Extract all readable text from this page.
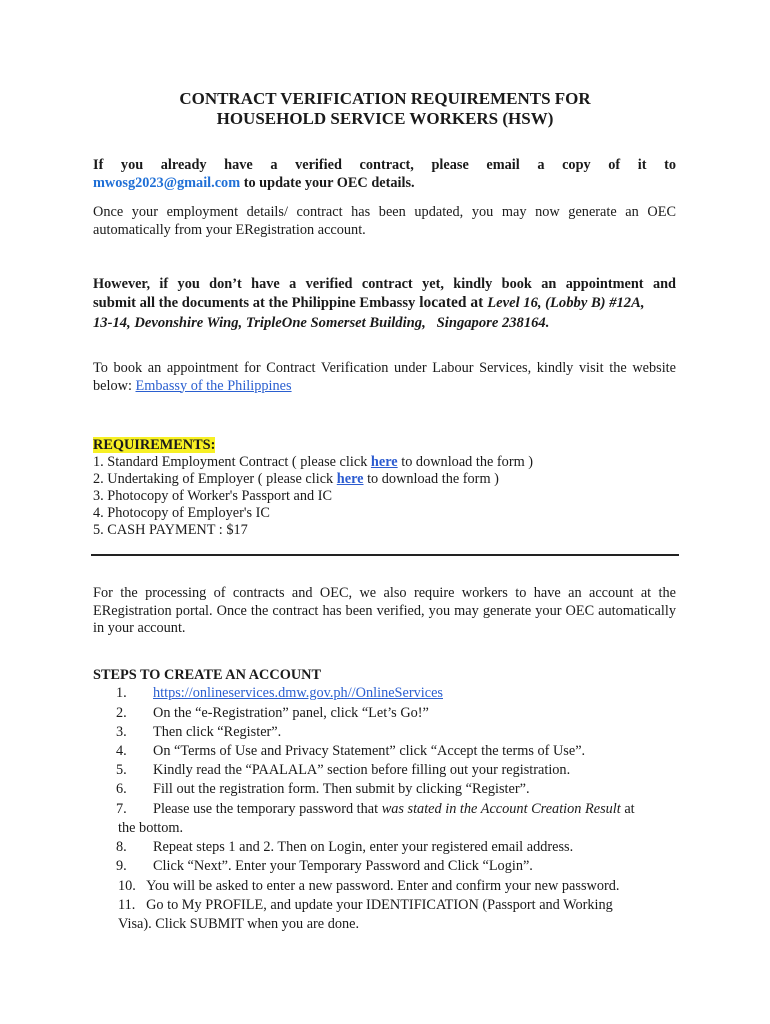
CONTRACT VERIFICATION REQUIREMENTS FOR
HOUSEHOLD SERVICE WORKERS (HSW)
If you already have a verified contract, please email a copy of it to
mwosg2023@gmail.com to update your OEC details.
Once your employment details/ contract has been updated, you may now generate an OEC automatically from your ERegistration account.
However, if you don’t have a verified contract yet, kindly book an appointment and
submit all the documents at the Philippine Embassy located at Level 16, (Lobby B) #12A,
13-14, Devonshire Wing, TripleOne Somerset Building, Singapore 238164.
To book an appointment for Contract Verification under Labour Services, kindly visit the website below: Embassy of the Philippines
REQUIREMENTS:
1. Standard Employment Contract ( please click here to download the form )
2. Undertaking of Employer ( please click here to download the form )
3. Photocopy of Worker's Passport and IC
4. Photocopy of Employer's IC
5. CASH PAYMENT : $17
For the processing of contracts and OEC, we also require workers to have an account at the ERegistration portal. Once the contract has been verified, you may generate your OEC automatically in your account.
STEPS TO CREATE AN ACCOUNT
1. https://onlineservices.dmw.gov.ph//OnlineServices
2. On the “e-Registration” panel, click “Let’s Go!”
3. Then click “Register”.
4. On “Terms of Use and Privacy Statement” click “Accept the terms of Use”.
5. Kindly read the “PAALALA” section before filling out your registration.
6. Fill out the registration form. Then submit by clicking “Register”.
7. Please use the temporary password that was stated in the Account Creation Result at
the bottom.
8. Repeat steps 1 and 2. Then on Login, enter your registered email address.
9. Click “Next”. Enter your Temporary Password and Click “Login”.
10.   You will be asked to enter a new password. Enter and confirm your new password.
11.   Go to My PROFILE, and update your IDENTIFICATION (Passport and Working
Visa). Click SUBMIT when you are done.
